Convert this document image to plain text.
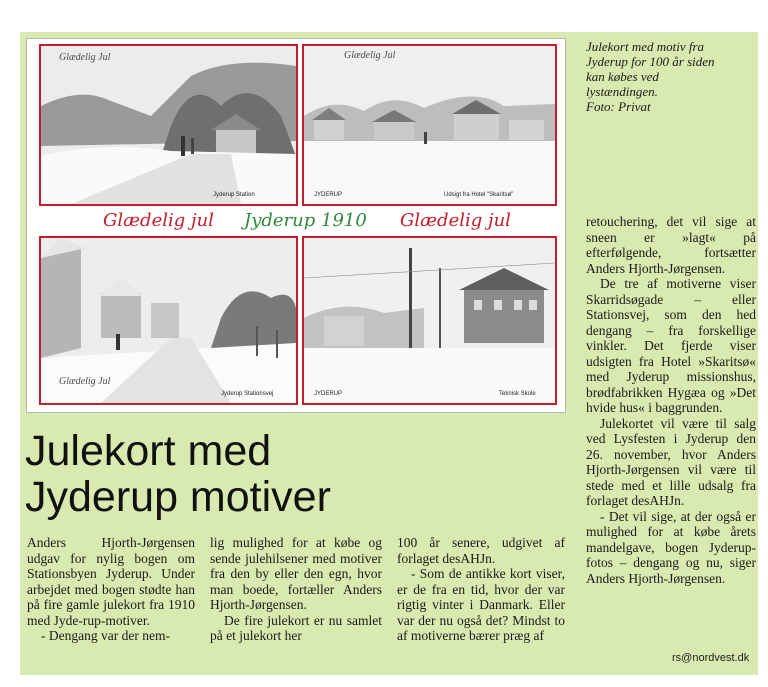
Glædelig Jul
Jyderup Station
Glædelig Jul
JYDERUP	Udsigt fra Hotel "Skaritsø"
Glædelig Jul
Jyderup Stationsvej	JYDERUP	Teknisk Skole
Glædelig jul Jyderup 1910 Glædelig jul

Julekort med motiv fra

Jyderup for 100 år siden

kan købes ved

lystændingen.

Foto: Privat

Julekort med
Jyderup motiver

Anders Hjorth-Jørgensen udgav for nylig bogen om Stationsbyen Jyderup. Under arbejdet med bogen stødte han på fire gamle julekort fra 1910 med Jyde-rup-motiver.

- Dengang var der nem-

lig mulighed for at købe og sende julehilsener med motiver fra den by eller den egn, hvor man boede, fortæller Anders Hjorth-Jørgensen.

De fire julekort er nu samlet på et julekort her

100 år senere, udgivet af forlaget desAHJn.

- Som de antikke kort viser, er de fra en tid, hvor der var rigtig vinter i Danmark. Eller var der nu også det? Mindst to af motiverne bærer præg af

retouchering, det vil sige at sneen er »lagt« på efterfølgende, fortsætter Anders Hjorth-Jørgensen.

De tre af motiverne viser Skarridsøgade – eller Stationsvej, som den hed dengang – fra forskellige vinkler. Det fjerde viser udsigten fra Hotel »Skaritsø« med Jyderup missionshus, brødfabrikken Hygæa og »Det hvide hus« i baggrunden.

Julekortet vil være til salg ved Lysfesten i Jyderup den 26. november, hvor Anders Hjorth-Jørgensen vil være til stede med et lille udsalg fra forlaget desAHJn.

- Det vil sige, at der også er mulighed for at købe årets mandelgave, bogen Jyderup-fotos – dengang og nu, siger Anders Hjorth-Jørgensen.

rs@nordvest.dk
